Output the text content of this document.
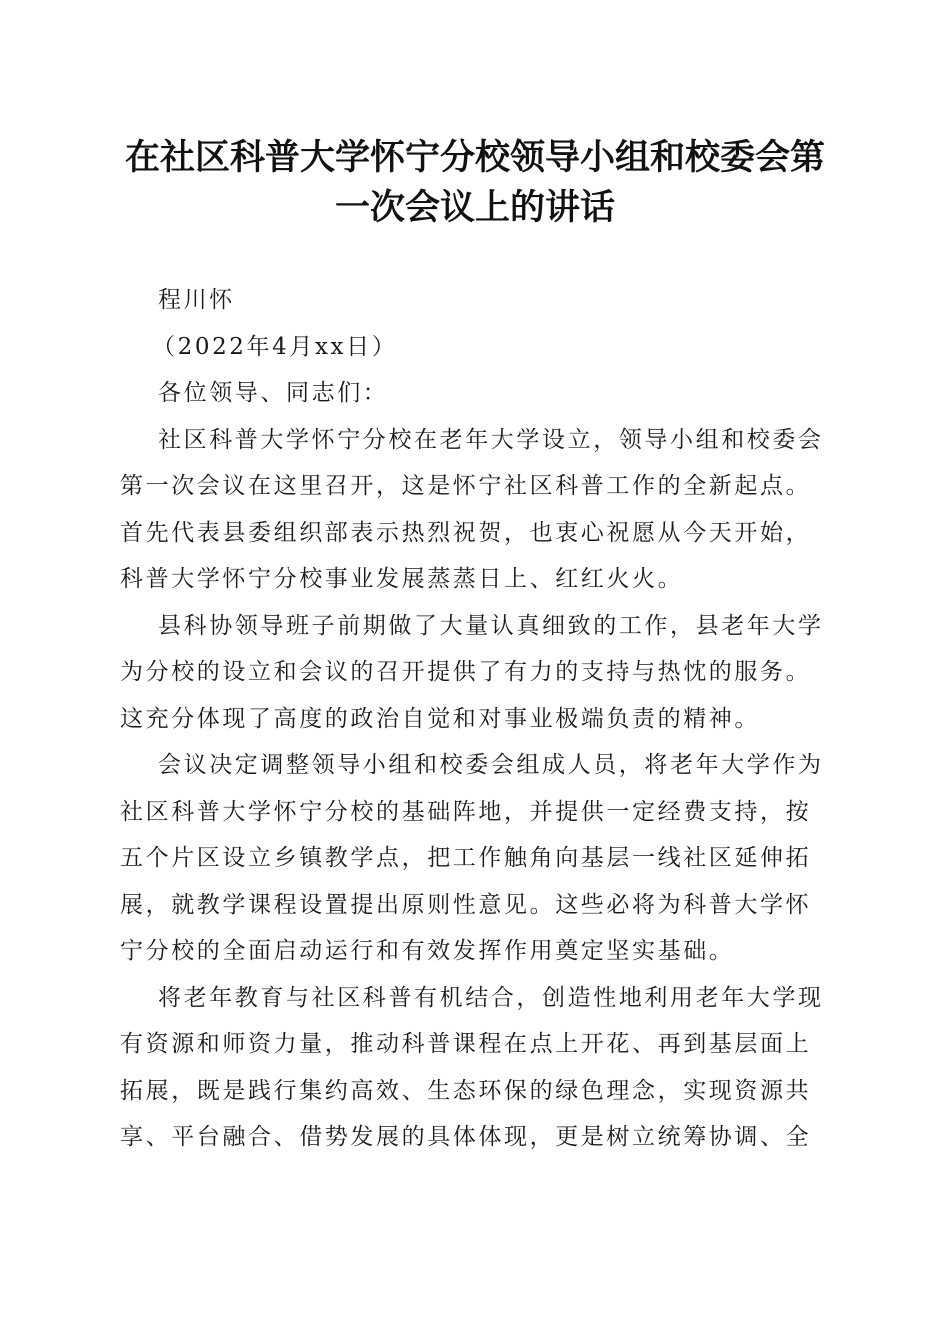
在社区科普大学怀宁分校领导小组和校委会第
一次会议上的讲话

程川怀

（2022年4月xx日）

各位领导、同志们：

社区科普大学怀宁分校在老年大学设立，领导小组和校委会

第一次会议在这里召开，这是怀宁社区科普工作的全新起点。

首先代表县委组织部表示热烈祝贺，也衷心祝愿从今天开始，

科普大学怀宁分校事业发展蒸蒸日上、红红火火。

县科协领导班子前期做了大量认真细致的工作，县老年大学

为分校的设立和会议的召开提供了有力的支持与热忱的服务。

这充分体现了高度的政治自觉和对事业极端负责的精神。

会议决定调整领导小组和校委会组成人员，将老年大学作为

社区科普大学怀宁分校的基础阵地，并提供一定经费支持，按

五个片区设立乡镇教学点，把工作触角向基层一线社区延伸拓

展，就教学课程设置提出原则性意见。这些必将为科普大学怀

宁分校的全面启动运行和有效发挥作用奠定坚实基础。

将老年教育与社区科普有机结合，创造性地利用老年大学现

有资源和师资力量，推动科普课程在点上开花、再到基层面上

拓展，既是践行集约高效、生态环保的绿色理念，实现资源共

享、平台融合、借势发展的具体体现，更是树立统筹协调、全
